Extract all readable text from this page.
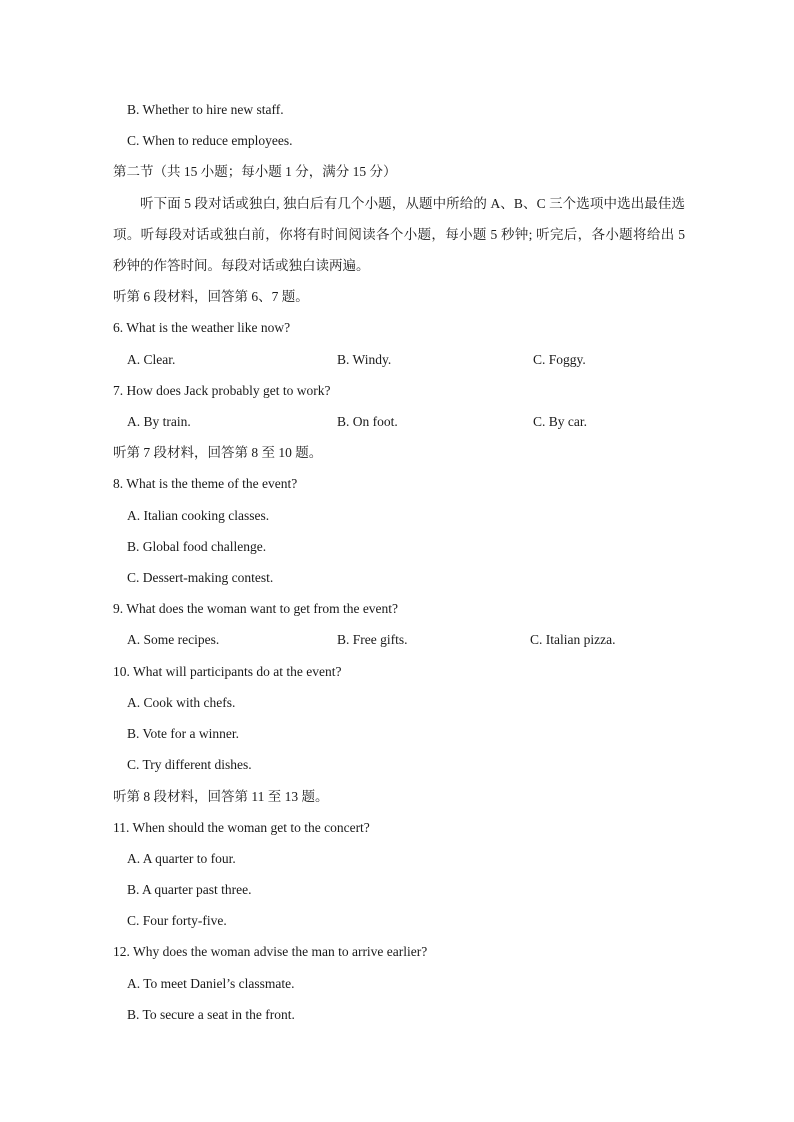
B. Whether to hire new staff.
C. When to reduce employees.
第二节（共 15 小题；每小题 1 分，满分 15 分）
听下面 5 段对话或独白, 独白后有几个小题，从题中所给的 A、B、C 三个选项中选出最佳选项。听每段对话或独白前，你将有时间阅读各个小题，每小题 5 秒钟; 听完后，各小题将给出 5 秒钟的作答时间。每段对话或独白读两遍。
听第 6 段材料，回答第 6、7 题。
6. What is the weather like now?
A. Clear.	B. Windy.	C. Foggy.
7. How does Jack probably get to work?
A. By train.	B. On foot.	C. By car.
听第 7 段材料，回答第 8 至 10 题。
8. What is the theme of the event?
A. Italian cooking classes.
B. Global food challenge.
C. Dessert-making contest.
9. What does the woman want to get from the event?
A. Some recipes.	B. Free gifts.	C. Italian pizza.
10. What will participants do at the event?
A. Cook with chefs.
B. Vote for a winner.
C. Try different dishes.
听第 8 段材料，回答第 11 至 13 题。
11. When should the woman get to the concert?
A. A quarter to four.
B. A quarter past three.
C. Four forty-five.
12. Why does the woman advise the man to arrive earlier?
A. To meet Daniel’s classmate.
B. To secure a seat in the front.
